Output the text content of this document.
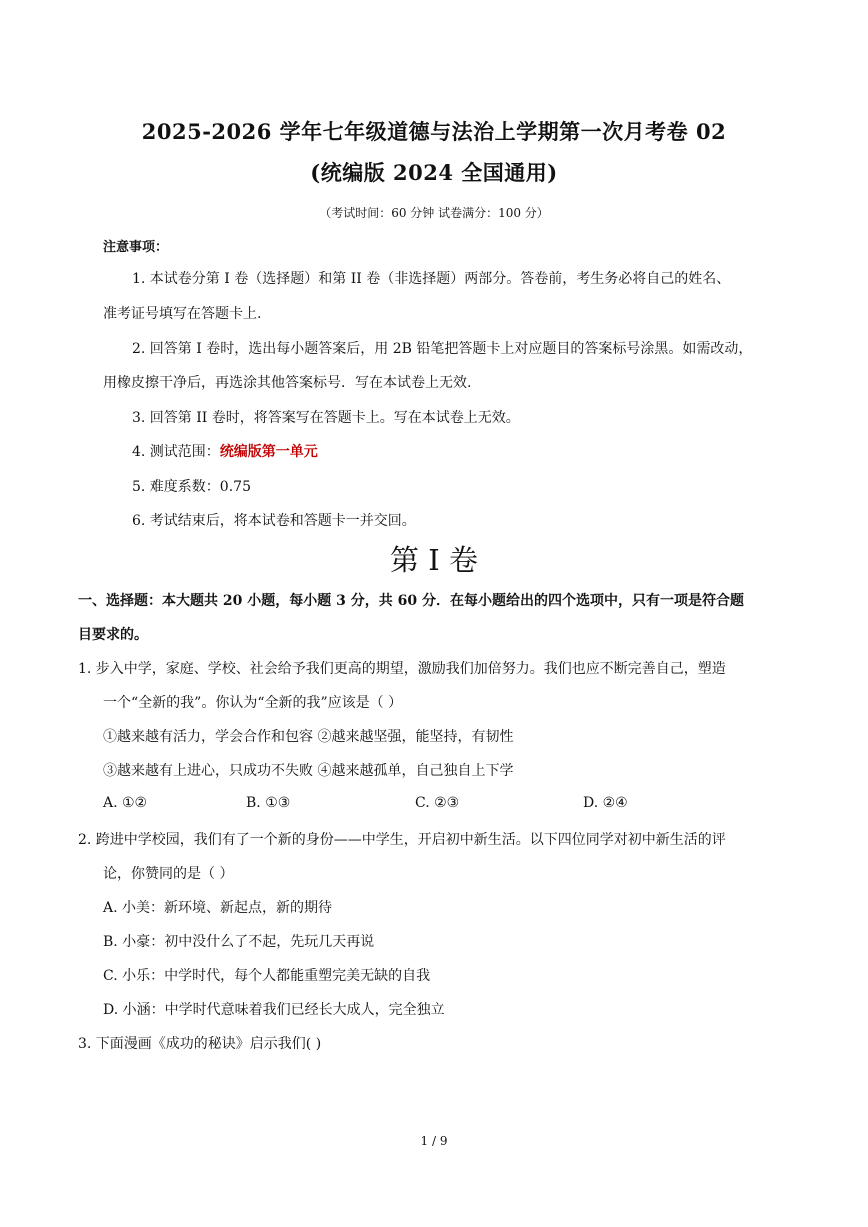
2025-2026 学年七年级道德与法治上学期第一次月考卷 02
(统编版 2024 全国通用)
（考试时间：60 分钟 试卷满分：100 分）
注意事项：
1. 本试卷分第 I 卷（选择题）和第 II 卷（非选择题）两部分。答卷前，考生务必将自己的姓名、
准考证号填写在答题卡上.
2. 回答第 I 卷时，选出每小题答案后，用 2B 铅笔把答题卡上对应题目的答案标号涂黑。如需改动，
用橡皮擦干净后，再选涂其他答案标号．写在本试卷上无效.
3. 回答第 II 卷时，将答案写在答题卡上。写在本试卷上无效。
4. 测试范围：统编版第一单元
5. 难度系数：0.75
6. 考试结束后，将本试卷和答题卡一并交回。
第 I 卷
一、选择题：本大题共 20 小题，每小题 3 分，共 60 分．在每小题给出的四个选项中，只有一项是符合题
目要求的。
1. 步入中学，家庭、学校、社会给予我们更高的期望，激励我们加倍努力。我们也应不断完善自己，塑造
一个“全新的我”。你认为“全新的我”应该是（ ）
①越来越有活力，学会合作和包容 ②越来越坚强，能坚持，有韧性
③越来越有上进心，只成功不失败 ④越来越孤单，自己独自上下学
A. ①②	B. ①③	C. ②③	D. ②④
2. 跨进中学校园，我们有了一个新的身份——中学生，开启初中新生活。以下四位同学对初中新生活的评
论，你赞同的是（ ）
A. 小美：新环境、新起点，新的期待
B. 小豪：初中没什么了不起，先玩几天再说
C. 小乐：中学时代，每个人都能重塑完美无缺的自我
D. 小涵：中学时代意味着我们已经长大成人，完全独立
3. 下面漫画《成功的秘诀》启示我们( )
1 / 9
